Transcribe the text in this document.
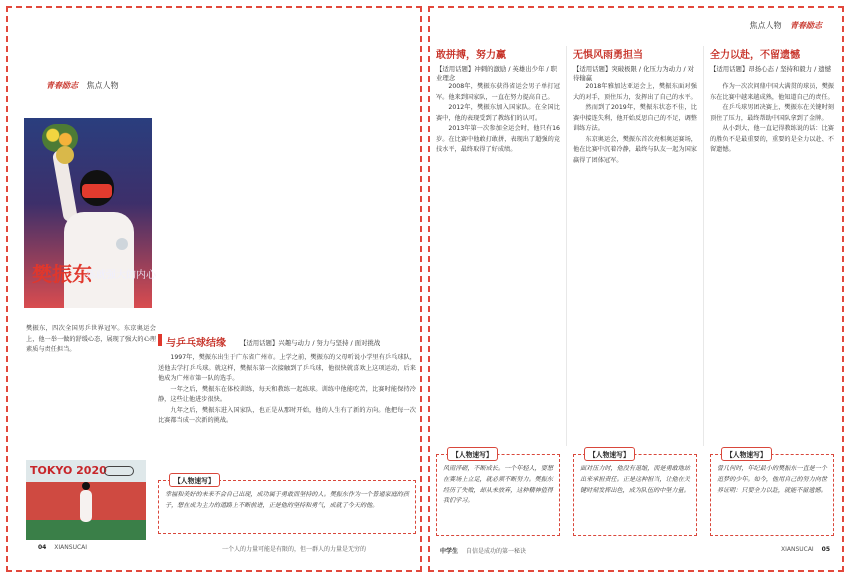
青春励志 焦点人物
樊振东
练就强大的内心
樊振东，四次全国男乒世界冠军。东京奥运会上，他一举一做的舒缓心态，展现了强大的心理素质与责任担当。
TOKYO 2020
与乒乓球结缘 【适用话题】兴趣与动力 / 努力与坚持 / 面对挑战

1997年，樊振东出生于广东省广州市。上学之前，樊振东的父母听说小学里有乒乓球队，送他去学打乒乓球。就这样，樊振东第一次接触到了乒乓球，他很快就喜欢上这项运动，后来他成为广州市第一队的选手。

一年之后，樊振东在体校训练，每天和教练一起练球。训练中他能吃苦，比赛时能保持冷静，这些让他进步很快。

九年之后，樊振东进入国家队，也正是从那时开始，他的人生有了新的方向。他把每一次比赛都当成一次新的挑战。

【人物速写】
幸福和美好的未来不会自己出现，成功属于勇敢而坚持的人。樊振东作为一个普通家庭的孩子，想在成为主力的道路上不断前进，正是他的坚持和勇气，成就了今天的他。
04 XIANSUCAI	一个人的力量可能是有限的，但一群人的力量是无穷的
焦点人物 青春励志
敢拼搏，努力赢
【适用话题】冲刺的激励 / 英雄出少年 / 职业理念

2008年，樊振东获得省运会男子单打冠军。他来到国家队，一直在努力提高自己。

2012年，樊振东加入国家队。在全国比赛中，他的表现受到了教练们的认可。

2013年第一次参加全运会时，他只有16岁。在比赛中他敢打敢拼，表现出了超强的竞技水平，最终取得了好成绩。

无惧风雨勇担当
【适用话题】突破极限 / 化压力为动力 / 对待输赢

2018年雅加达亚运会上，樊振东面对强大的对手，顶住压力，发挥出了自己的水平。

然而到了2019年，樊振东状态不佳，比赛中接连失利，他开始反思自己的不足，调整训练方法。

东京奥运会，樊振东首次亮相奥运赛场，他在比赛中沉着冷静，最终与队友一起为国家赢得了团体冠军。

全力以赴，不留遗憾
【适用话题】昂扬心态 / 坚持和毅力 / 遗憾

作为一次次问鼎中国大满贯的球员，樊振东在比赛中越来越成熟，他知道自己的责任。

在乒乓球男团决赛上，樊振东在关键时刻顶住了压力，最终帮助中国队拿到了金牌。

从小到大，他一直记得教练说的话：比赛的胜负不是最重要的，重要的是全力以赴、不留遗憾。

【人物速写】
风雨淬砺，不断成长。一个年轻人，要想在赛场上立足，就必须不断努力。樊振东经历了失败，却从未放弃，这种精神值得我们学习。
【人物速写】
面对压力时，他没有退缩，而是勇敢地站出来承担责任。正是这种担当，让他在关键时刻发挥出色，成为队伍的中坚力量。
【人物速写】
曾几何时，年纪最小的樊振东一直是一个追梦的少年。如今，他用自己的努力向世界证明：只要全力以赴，就能不留遗憾。
中学生 自信是成功的第一秘诀	XIANSUCAI 05
